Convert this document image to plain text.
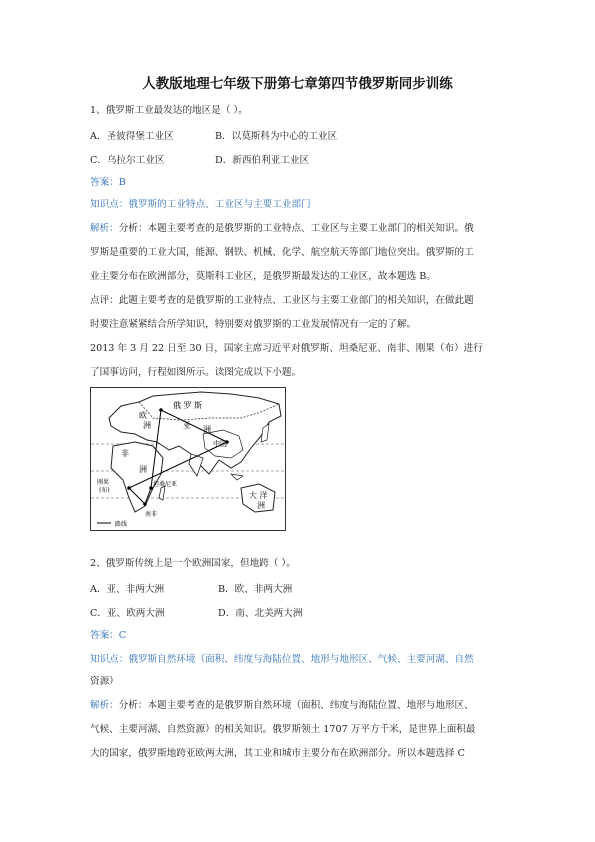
人教版地理七年级下册第七章第四节俄罗斯同步训练
1、俄罗斯工业最发达的地区是（ ）。
A．圣彼得堡工业区	B．以莫斯科为中心的工业区
C．乌拉尔工业区	D．新西伯利亚工业区
答案：B
知识点：俄罗斯的工业特点、工业区与主要工业部门
解析：分析：本题主要考查的是俄罗斯的工业特点、工业区与主要工业部门的相关知识。俄
罗斯是重要的工业大国，能源、钢铁、机械、化学、航空航天等部门地位突出。俄罗斯的工
业主要分布在欧洲部分，莫斯科工业区，是俄罗斯最发达的工业区，故本题选 B。
点评：此题主要考查的是俄罗斯的工业特点、工业区与主要工业部门的相关知识，在做此题
时要注意紧紧结合所学知识，特别要对俄罗斯的工业发展情况有一定的了解。
2013 年 3 月 22 日至 30 日，国家主席习近平对俄罗斯、坦桑尼亚、南非、刚果（布）进行
了国事访问，行程如图所示。读图完成以下小题。
俄 罗 斯
欧
洲	亚 洲
中国
非
洲
刚果
(布)
坦桑尼亚
南非
大 洋
洲
路线
2、俄罗斯传统上是一个欧洲国家，但地跨（ ）。
A．亚、非两大洲	B．欧、非两大洲
C．亚、欧两大洲	D．南、北美两大洲
答案：C
知识点：俄罗斯自然环境（面积、纬度与海陆位置、地形与地形区、气候、主要河湖、自然
资源）
解析：分析：本题主要考查的是俄罗斯自然环境（面积、纬度与海陆位置、地形与地形区、
气候、主要河湖、自然资源）的相关知识。俄罗斯领土 1707 万平方千米，是世界上面积最
大的国家，俄罗斯地跨亚欧两大洲，其工业和城市主要分布在欧洲部分。所以本题选择 C
